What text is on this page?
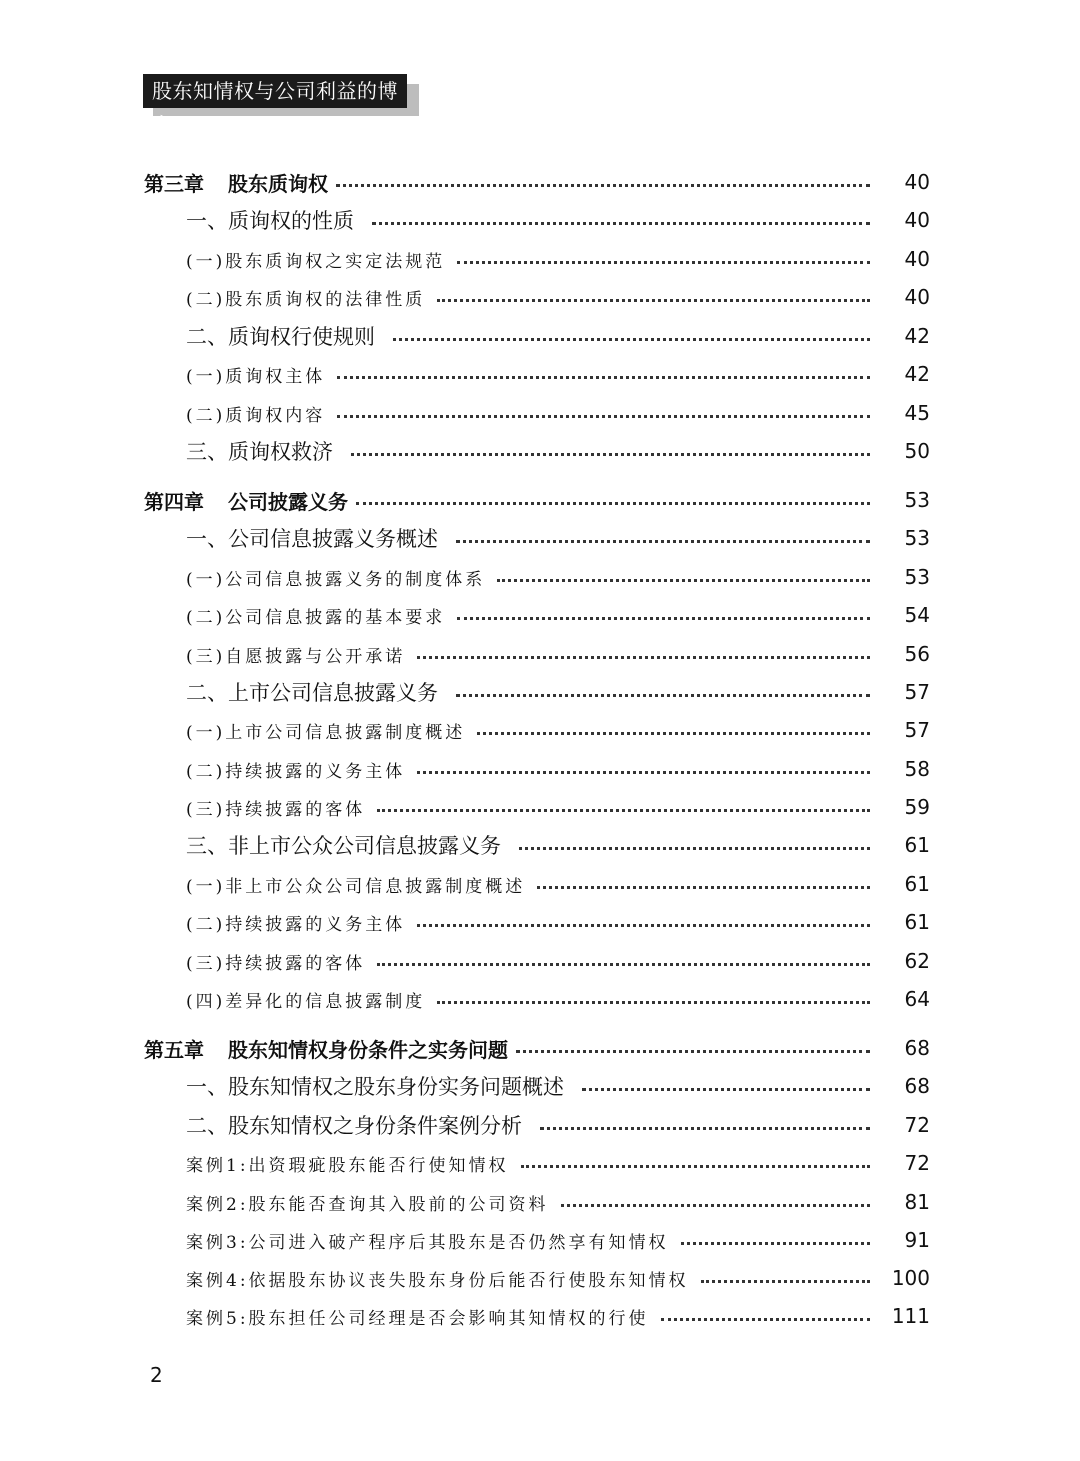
股东知情权与公司利益的博弈
第三章 股东质询权	40
一、质询权的性质	40
(一)股东质询权之实定法规范	40
(二)股东质询权的法律性质	40
二、质询权行使规则	42
(一)质询权主体	42
(二)质询权内容	45
三、质询权救济	50
第四章 公司披露义务	53
一、公司信息披露义务概述	53
(一)公司信息披露义务的制度体系	53
(二)公司信息披露的基本要求	54
(三)自愿披露与公开承诺	56
二、上市公司信息披露义务	57
(一)上市公司信息披露制度概述	57
(二)持续披露的义务主体	58
(三)持续披露的客体	59
三、非上市公众公司信息披露义务	61
(一)非上市公众公司信息披露制度概述	61
(二)持续披露的义务主体	61
(三)持续披露的客体	62
(四)差异化的信息披露制度	64
第五章 股东知情权身份条件之实务问题	68
一、股东知情权之股东身份实务问题概述	68
二、股东知情权之身份条件案例分析	72
案例1:出资瑕疵股东能否行使知情权	72
案例2:股东能否查询其入股前的公司资料	81
案例3:公司进入破产程序后其股东是否仍然享有知情权	91
案例4:依据股东协议丧失股东身份后能否行使股东知情权	100
案例5:股东担任公司经理是否会影响其知情权的行使	111
2
